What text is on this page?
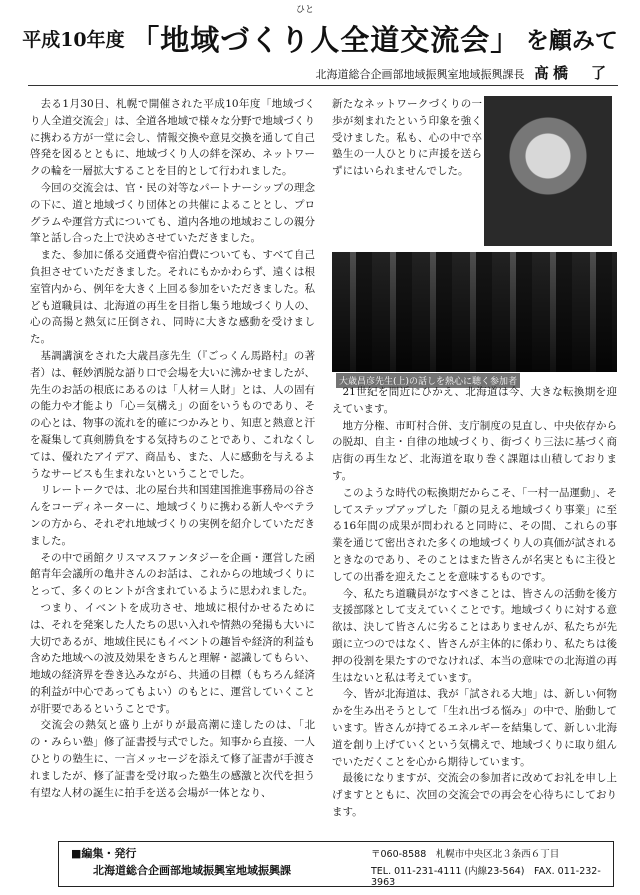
平成10年度 「地域づくり人全道交流会」 を顧みて
ひと
北海道総合企画部地域振興室地域振興課長 髙橋　了

去る1月30日、札幌で開催された平成10年度「地域づくり人全道交流会」は、全道各地域で様々な分野で地域づくりに携わる方が一堂に会し、情報交換や意見交換を通して自己啓発を図るとともに、地域づくり人の絆を深め、ネットワークの輪を一層拡大することを目的として行われました。

今回の交流会は、官・民の対等なパートナーシップの理念の下に、道と地域づくり団体との共催によることとし、プログラムや運営方式についても、道内各地の地域おこしの親分筆と話し合った上で決めさせていただきました。

また、参加に係る交通費や宿泊費についても、すべて自己負担させていただきました。それにもかかわらず、遠くは根室管内から、例年を大きく上回る参加をいただきました。私ども道職員は、北海道の再生を目指し集う地域づくり人の、心の高揚と熱気に圧倒され、同時に大きな感動を受けました。

基調講演をされた大歳昌彦先生（『ごっくん馬路村』の著者）は、軽妙洒脱な語り口で会場を大いに沸かせましたが、先生のお話の根底にあるのは「人材＝人財」とは、人の固有の能力や才能より「心＝気構え」の面をいうものであり、その心とは、物事の流れを的確につかみとり、知恵と熱意と汗を凝集して真剣勝負をする気持ちのことであり、これなくしては、優れたアイデア、商品も、また、人に感動を与えるようなサービスも生まれないということでした。

リレートークでは、北の屋台共和国建国推進事務局の谷さんをコーディネーターに、地域づくりに携わる新人やベテランの方から、それぞれ地域づくりの実例を紹介していただきました。

その中で函館クリスマスファンタジーを企画・運営した函館青年会議所の亀井さんのお話は、これからの地域づくりにとって、多くのヒントが含まれているように思われました。

つまり、イベントを成功させ、地域に根付かせるためには、それを発案した人たちの思い入れや情熱の発揚も大いに大切であるが、地域住民にもイベントの趣旨や経済的利益も含めた地域への波及効果をきちんと理解・認識してもらい、地域の経済界を巻き込みながら、共通の目標（もちろん経済的利益が中心であってもよい）のもとに、運営していくことが肝要であるということです。

交流会の熱気と盛り上がりが最高潮に達したのは、「北の・みらい塾」修了証書授与式でした。知事から直接、一人ひとりの塾生に、一言メッセージを添えて修了証書が手渡されましたが、修了証書を受け取った塾生の感激と次代を担う有望な人材の誕生に拍手を送る会場が一体となり、

新たなネットワークづくりの一歩が刻まれたという印象を強く受けました。私も、心の中で卒塾生の一人ひとりに声援を送らずにはいられませんでした。

大歳昌彦先生(上)の話しを熱心に聴く参加者

21世紀を間近にひかえ、北海道は今、大きな転換期を迎えています。

地方分権、市町村合併、支庁制度の見直し、中央依存からの脱却、自主・自律の地域づくり、街づくり三法に基づく商店街の再生など、北海道を取り巻く課題は山積しております。

このような時代の転換期だからこそ、「一村一品運動」、そしてステップアップした「顔の見える地域づくり事業」に至る16年間の成果が問われると同時に、その間、これらの事業を通じて密出された多くの地域づくり人の真価が試されるときなのであり、そのことはまた皆さんが名実ともに主役としての出番を迎えたことを意味するものです。

今、私たち道職員がなすべきことは、皆さんの活動を後方支援部隊として支えていくことです。地域づくりに対する意欲は、決して皆さんに劣ることはありませんが、私たちが先頭に立つのではなく、皆さんが主体的に係わり、私たちは後押の役割を果たすのでなければ、本当の意味での北海道の再生はないと私は考えています。

今、皆が北海道は、我が「試される大地」は、新しい何物かを生み出そうとして「生れ出づる悩み」の中で、胎動しています。皆さんが持てるエネルギーを結集して、新しい北海道を創り上げていくという気構えで、地域づくりに取り組んでいただくことを心から期待しています。

最後になりますが、交流会の参加者に改めてお礼を申し上げますとともに、次回の交流会での再会を心待ちにしております。

■編集・発行
北海道総合企画部地域振興室地域振興課
〒060-8588　札幌市中央区北３条西６丁目
TEL. 011-231-4111 (内線23-564)　FAX. 011-232-3963
